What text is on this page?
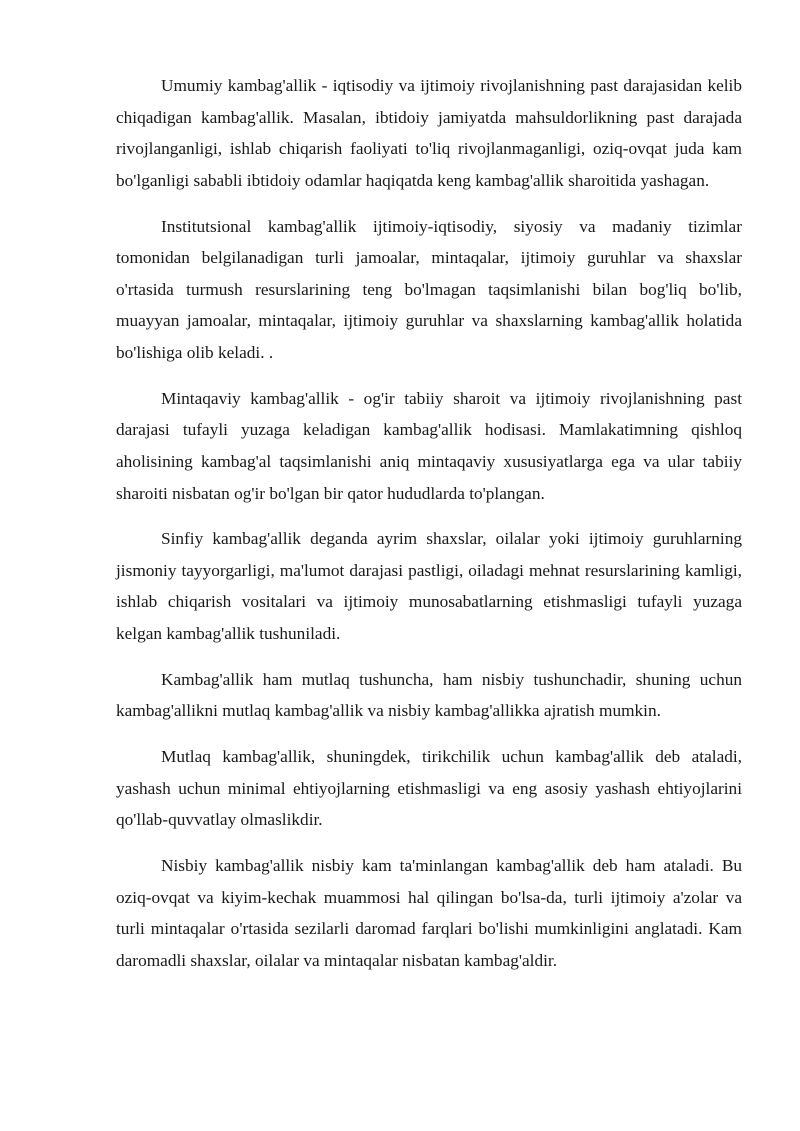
Umumiy kambag'allik - iqtisodiy va ijtimoiy rivojlanishning past darajasidan kelib chiqadigan kambag'allik. Masalan, ibtidoiy jamiyatda mahsuldorlikning past darajada rivojlanganligi, ishlab chiqarish faoliyati to'liq rivojlanmaganligi, oziq-ovqat juda kam bo'lganligi sababli ibtidoiy odamlar haqiqatda keng kambag'allik sharoitida yashagan.

Institutsional kambag'allik ijtimoiy-iqtisodiy, siyosiy va madaniy tizimlar tomonidan belgilanadigan turli jamoalar, mintaqalar, ijtimoiy guruhlar va shaxslar o'rtasida turmush resurslarining teng bo'lmagan taqsimlanishi bilan bog'liq bo'lib, muayyan jamoalar, mintaqalar, ijtimoiy guruhlar va shaxslarning kambag'allik holatida bo'lishiga olib keladi. .

Mintaqaviy kambag'allik - og'ir tabiiy sharoit va ijtimoiy rivojlanishning past darajasi tufayli yuzaga keladigan kambag'allik hodisasi. Mamlakatimning qishloq aholisining kambag'al taqsimlanishi aniq mintaqaviy xususiyatlarga ega va ular tabiiy sharoiti nisbatan og'ir bo'lgan bir qator hududlarda to'plangan.

Sinfiy kambag'allik deganda ayrim shaxslar, oilalar yoki ijtimoiy guruhlarning jismoniy tayyorgarligi, ma'lumot darajasi pastligi, oiladagi mehnat resurslarining kamligi, ishlab chiqarish vositalari va ijtimoiy munosabatlarning etishmasligi tufayli yuzaga kelgan kambag'allik tushuniladi.

Kambag'allik ham mutlaq tushuncha, ham nisbiy tushunchadir, shuning uchun kambag'allikni mutlaq kambag'allik va nisbiy kambag'allikka ajratish mumkin.

Mutlaq kambag'allik, shuningdek, tirikchilik uchun kambag'allik deb ataladi, yashash uchun minimal ehtiyojlarning etishmasligi va eng asosiy yashash ehtiyojlarini qo'llab-quvvatlay olmaslikdir.

Nisbiy kambag'allik nisbiy kam ta'minlangan kambag'allik deb ham ataladi. Bu oziq-ovqat va kiyim-kechak muammosi hal qilingan bo'lsa-da, turli ijtimoiy a'zolar va turli mintaqalar o'rtasida sezilarli daromad farqlari bo'lishi mumkinligini anglatadi. Kam daromadli shaxslar, oilalar va mintaqalar nisbatan kambag'aldir.
